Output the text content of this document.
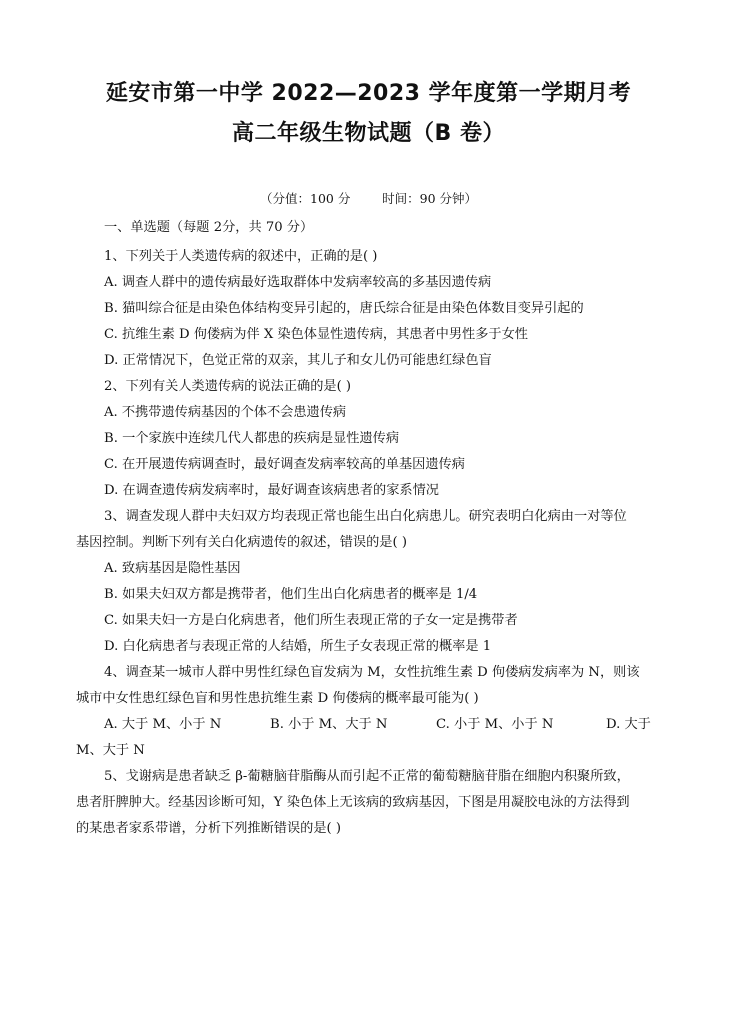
延安市第一中学 2022—2023 学年度第一学期月考
高二年级生物试题（B 卷）
（分值：100 分        时间：90 分钟）
一、单选题（每题 2分，共 70 分）
1、下列关于人类遗传病的叙述中，正确的是( )
A. 调查人群中的遗传病最好选取群体中发病率较高的多基因遗传病
B. 猫叫综合征是由染色体结构变异引起的，唐氏综合征是由染色体数目变异引起的
C. 抗维生素 D 佝偻病为伴 X 染色体显性遗传病，其患者中男性多于女性
D. 正常情况下，色觉正常的双亲，其儿子和女儿仍可能患红绿色盲
2、下列有关人类遗传病的说法正确的是( )
A. 不携带遗传病基因的个体不会患遗传病
B. 一个家族中连续几代人都患的疾病是显性遗传病
C. 在开展遗传病调查时，最好调查发病率较高的单基因遗传病
D. 在调查遗传病发病率时，最好调查该病患者的家系情况
3、调查发现人群中夫妇双方均表现正常也能生出白化病患儿。研究表明白化病由一对等位
基因控制。判断下列有关白化病遗传的叙述，错误的是( )
A. 致病基因是隐性基因
B. 如果夫妇双方都是携带者，他们生出白化病患者的概率是 1/4
C. 如果夫妇一方是白化病患者，他们所生表现正常的子女一定是携带者
D. 白化病患者与表现正常的人结婚，所生子女表现正常的概率是 1
4、调查某一城市人群中男性红绿色盲发病为 M，女性抗维生素 D 佝偻病发病率为 N，则该
城市中女性患红绿色盲和男性患抗维生素 D 佝偻病的概率最可能为( )
A. 大于 M、小于 N	B. 小于 M、大于 N	C. 小于 M、小于 N	D. 大于
M、大于 N
5、戈谢病是患者缺乏 β-葡糖脑苷脂酶从而引起不正常的葡萄糖脑苷脂在细胞内积聚所致，
患者肝脾肿大。经基因诊断可知，Y 染色体上无该病的致病基因，下图是用凝胶电泳的方法得到
的某患者家系带谱，分析下列推断错误的是( )
